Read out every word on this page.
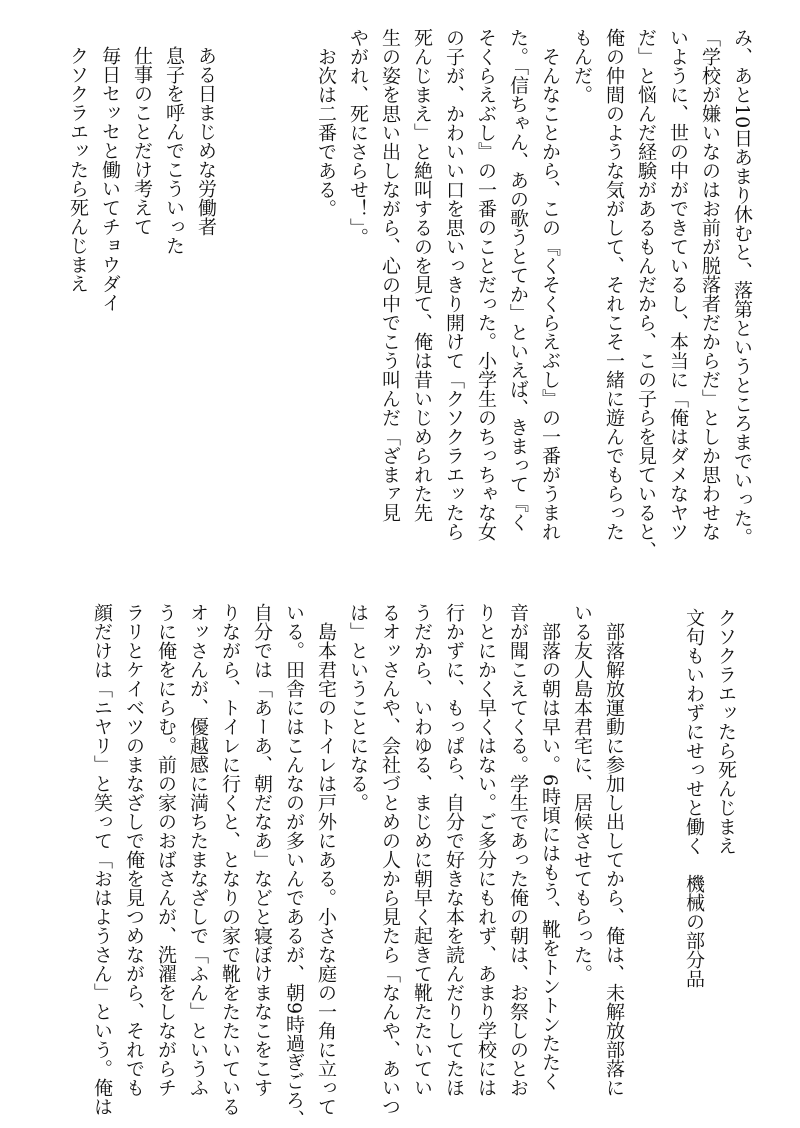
み、あと10日あまり休むと、落第というところまでいった。
「学校が嫌いなのはお前が脱落者だからだ」としか思わせな
いように、世の中ができているし、本当に「俺はダメなヤツ
だ」と悩んだ経験があるもんだから、この子らを見ていると、
俺の仲間のような気がして、それこそ一緒に遊んでもらった
もんだ。
そんなことから、この『くそくらえぶし』の一番がうまれ
た。「信ちゃん、あの歌うとてか」といえば、きまって『く
そくらえぶし』の一番のことだった。小学生のちっちゃな女
の子が、かわいい口を思いっきり開けて「クソクラエッたら
死んじまえ」と絶叫するのを見て、俺は昔いじめられた先
生の姿を思い出しながら、心の中でこう叫んだ「ざまァ見
やがれ、死にさらせ！」。
お次は二番である。
ある日まじめな労働者
息子を呼んでこういった
仕事のことだけ考えて
毎日セッセと働いてチョウダイ
クソクラエッたら死んじまえ
クソクラエッたら死んじまえ
文句もいわずにせっせと働く　機械の部分品
部落解放運動に参加し出してから、俺は、未解放部落に
いる友人島本君宅に、居候させてもらった。
部落の朝は早い。6時頃にはもう、靴をトントンたたく
音が聞こえてくる。学生であった俺の朝は、お祭しのとお
りとにかく早くはない。ご多分にもれず、あまり学校には
行かずに、もっぱら、自分で好きな本を読んだりしてたほ
うだから、いわゆる、まじめに朝早く起きて靴たたいてい
るオッさんや、会社づとめの人から見たら「なんや、あいつ
は」ということになる。
島本君宅のトイレは戸外にある。小さな庭の一角に立って
いる。田舎にはこんなのが多いんであるが、朝9時過ぎごろ、
自分では「あーあ、朝だなあ」などと寝ぼけまなこをこす
りながら、トイレに行くと、となりの家で靴をたたいている
オッさんが、優越感に満ちたまなざしで「ふん」というふ
うに俺をにらむ。前の家のおばさんが、洗濯をしながらチ
ラリとケイベツのまなざしで俺を見つめながら、それでも
顔だけは「ニヤリ」と笑って「おはようさん」という。俺は
